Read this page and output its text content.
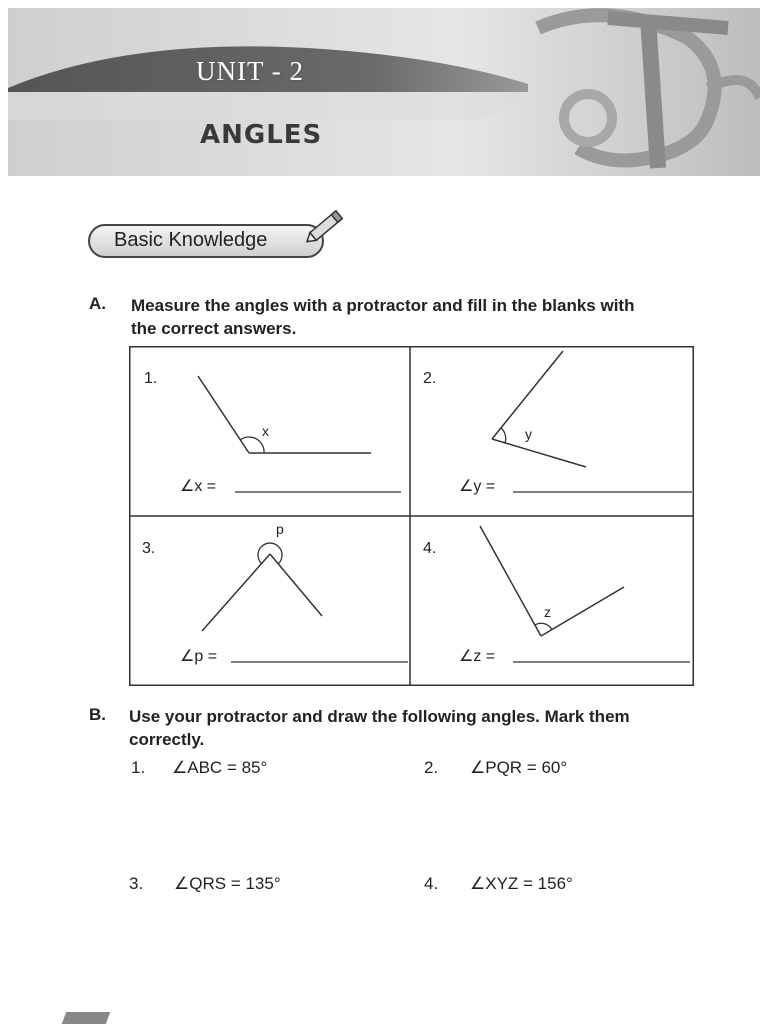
UNIT - 2
ANGLES
Basic Knowledge
A. Measure the angles with a protractor and fill in the blanks with
the correct answers.
1.
x
∠x =
2.
y
∠y =
3.
p
∠p =
4.
z
∠z =
B. Use your protractor and draw the following angles. Mark them
correctly.
1. ∠ABC = 85°	2. ∠PQR = 60°
3. ∠QRS = 135°	4. ∠XYZ = 156°
